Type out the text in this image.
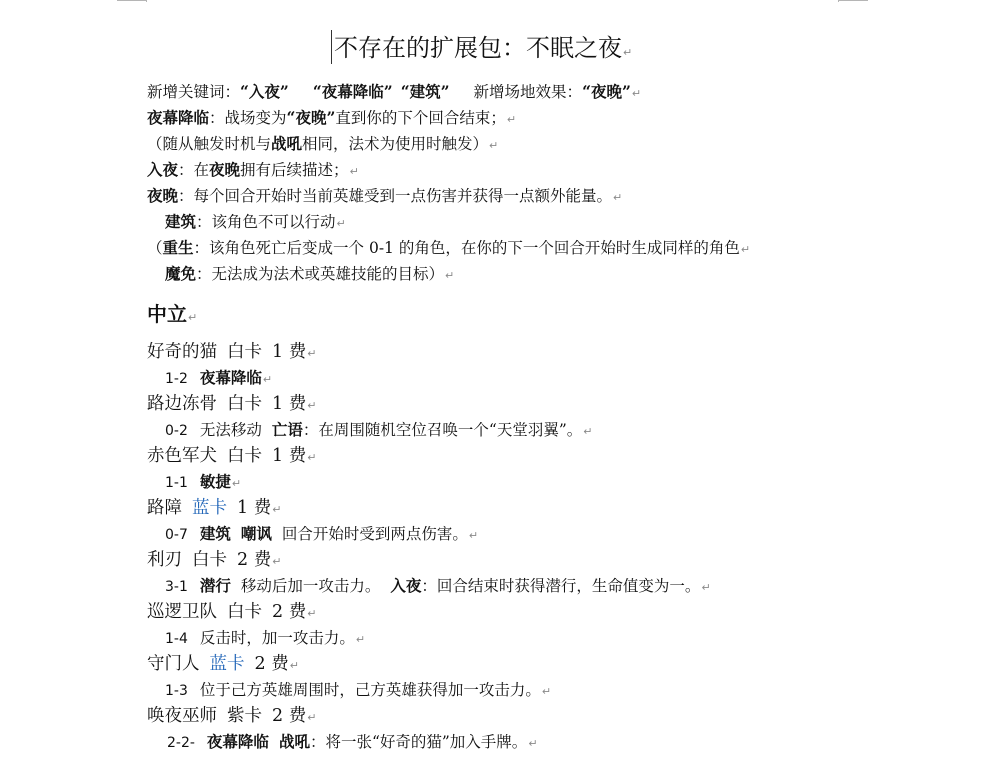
不存在的扩展包：不眠之夜↵
新增关键词：“入夜” “夜幕降临” “建筑” 新增场地效果：“夜晚”↵
夜幕降临：战场变为“夜晚”直到你的下个回合结束；↵
（随从触发时机与战吼相同，法术为使用时触发）↵
入夜：在夜晚拥有后续描述；↵
夜晚：每个回合开始时当前英雄受到一点伤害并获得一点额外能量。↵
建筑：该角色不可以行动↵
（重生：该角色死亡后变成一个 0-1 的角色，在你的下一个回合开始时生成同样的角色↵
魔免：无法成为法术或英雄技能的目标）↵
中立↵
好奇的猫 白卡 1 费↵
1-2 夜幕降临↵
路边冻骨 白卡 1 费↵
0-2 无法移动 亡语：在周围随机空位召唤一个“天堂羽翼”。↵
赤色军犬 白卡 1 费↵
1-1 敏捷↵
路障 蓝卡 1 费↵
0-7 建筑 嘲讽 回合开始时受到两点伤害。↵
利刃 白卡 2 费↵
3-1 潜行 移动后加一攻击力。 入夜：回合结束时获得潜行，生命值变为一。↵
巡逻卫队 白卡 2 费↵
1-4 反击时，加一攻击力。↵
守门人 蓝卡 2 费↵
1-3 位于己方英雄周围时，己方英雄获得加一攻击力。↵
唤夜巫师 紫卡 2 费↵
2-2- 夜幕降临 战吼：将一张“好奇的猫”加入手牌。↵
